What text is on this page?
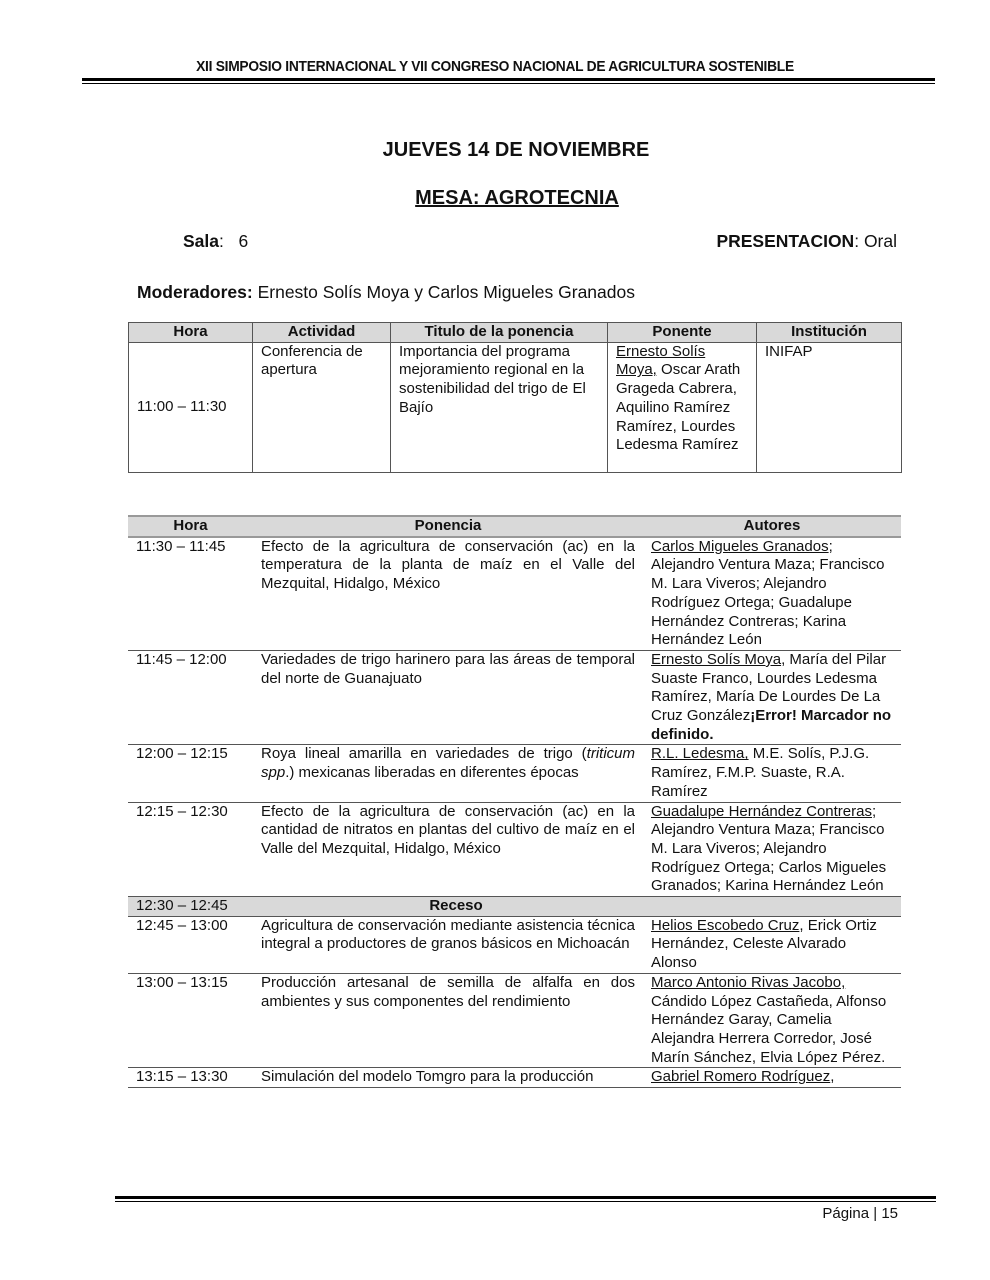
XII SIMPOSIO INTERNACIONAL Y VII CONGRESO NACIONAL DE AGRICULTURA SOSTENIBLE
JUEVES 14 DE NOVIEMBRE
MESA: AGROTECNIA
Sala:   6	PRESENTACION: Oral
Moderadores: Ernesto Solís Moya y Carlos Migueles Granados
Hora	Actividad	Titulo de la ponencia	Ponente	Institución
11:00 – 11:30	Conferencia de apertura	Importancia del programa mejoramiento regional en la sostenibilidad del trigo de El Bajío	Ernesto Solís Moya, Oscar Arath Grageda Cabrera, Aquilino Ramírez Ramírez, Lourdes Ledesma Ramírez	INIFAP
Hora	Ponencia	Autores
11:30 – 11:45	Efecto de la agricultura de conservación (ac) en la temperatura de la planta de maíz en el Valle del Mezquital, Hidalgo, México	Carlos Migueles Granados; Alejandro Ventura Maza; Francisco M. Lara Viveros; Alejandro Rodríguez Ortega; Guadalupe Hernández Contreras; Karina Hernández León
11:45 – 12:00	Variedades de trigo harinero para las áreas de temporal del norte de Guanajuato	Ernesto Solís Moya, María del Pilar Suaste Franco, Lourdes Ledesma Ramírez, María De Lourdes De La Cruz González¡Error! Marcador no definido.
12:00 – 12:15	Roya lineal amarilla en variedades de trigo (triticum spp.) mexicanas liberadas en diferentes épocas	R.L. Ledesma, M.E. Solís, P.J.G. Ramírez, F.M.P. Suaste, R.A. Ramírez
12:15 – 12:30	Efecto de la agricultura de conservación (ac) en la cantidad de nitratos en plantas del cultivo de maíz en el Valle del Mezquital, Hidalgo, México	Guadalupe Hernández Contreras; Alejandro Ventura Maza; Francisco M. Lara Viveros; Alejandro Rodríguez Ortega; Carlos Migueles Granados; Karina Hernández León
12:30 – 12:45	Receso	
12:45 – 13:00	Agricultura de conservación mediante asistencia técnica integral a productores de granos básicos en Michoacán	Helios Escobedo Cruz, Erick Ortiz Hernández, Celeste Alvarado Alonso
13:00 – 13:15	Producción artesanal de semilla de alfalfa en dos ambientes y sus componentes del rendimiento	Marco Antonio Rivas Jacobo, Cándido López Castañeda, Alfonso Hernández Garay, Camelia Alejandra Herrera Corredor, José Marín Sánchez, Elvia López Pérez.
13:15 – 13:30	Simulación del modelo Tomgro para la producción	Gabriel Romero Rodríguez,
Página | 15
